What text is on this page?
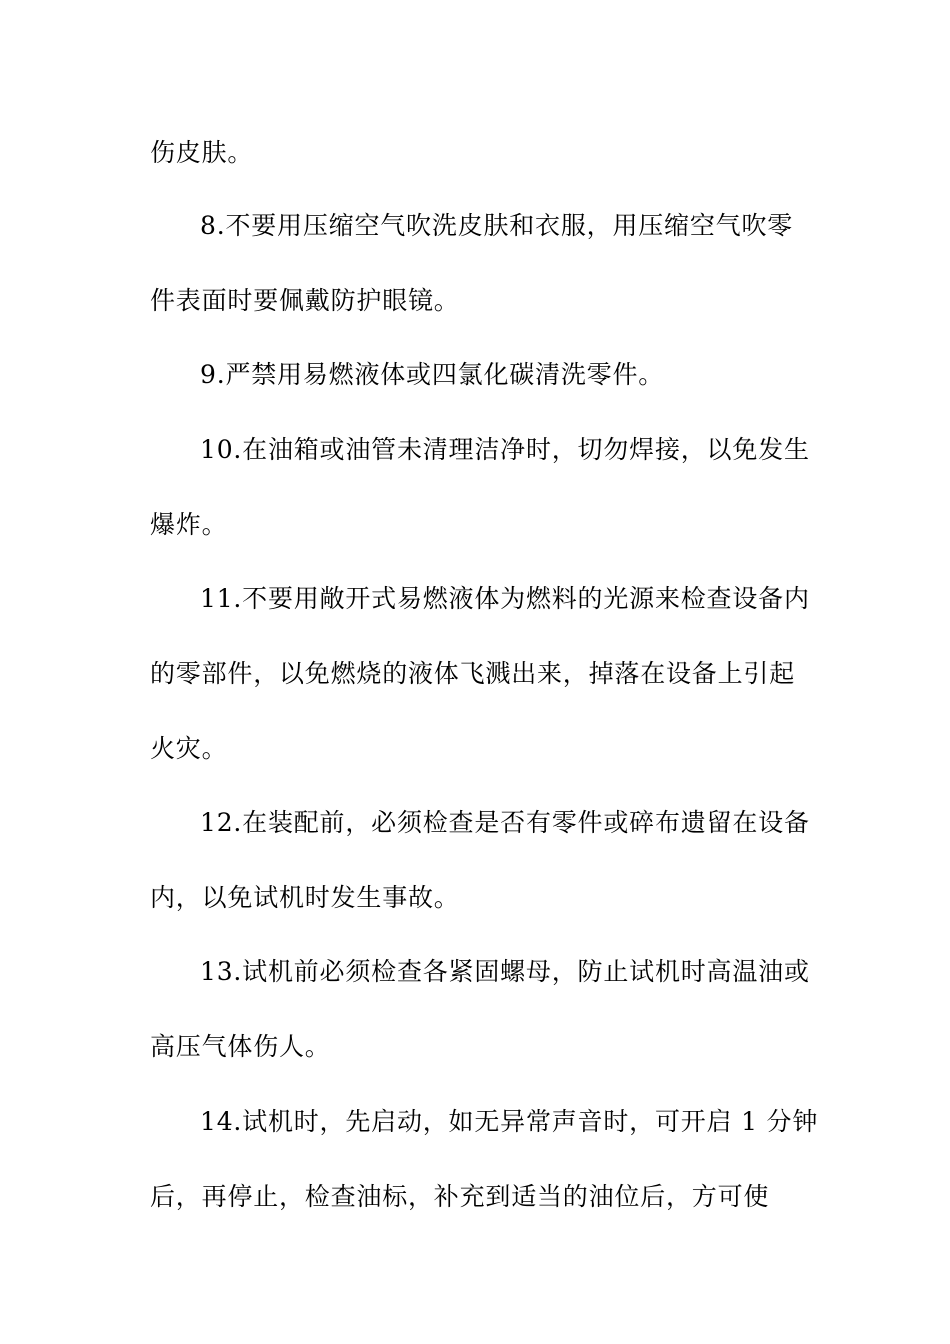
伤皮肤。

8.不要用压缩空气吹洗皮肤和衣服，用压缩空气吹零

件表面时要佩戴防护眼镜。

9.严禁用易燃液体或四氯化碳清洗零件。

10.在油箱或油管未清理洁净时，切勿焊接，以免发生

爆炸。

11.不要用敞开式易燃液体为燃料的光源来检查设备内

的零部件，以免燃烧的液体飞溅出来，掉落在设备上引起

火灾。

12.在装配前，必须检查是否有零件或碎布遗留在设备

内，以免试机时发生事故。

13.试机前必须检查各紧固螺母，防止试机时高温油或

高压气体伤人。

14.试机时，先启动，如无异常声音时，可开启 1 分钟

后，再停止，检查油标，补充到适当的油位后，方可使
